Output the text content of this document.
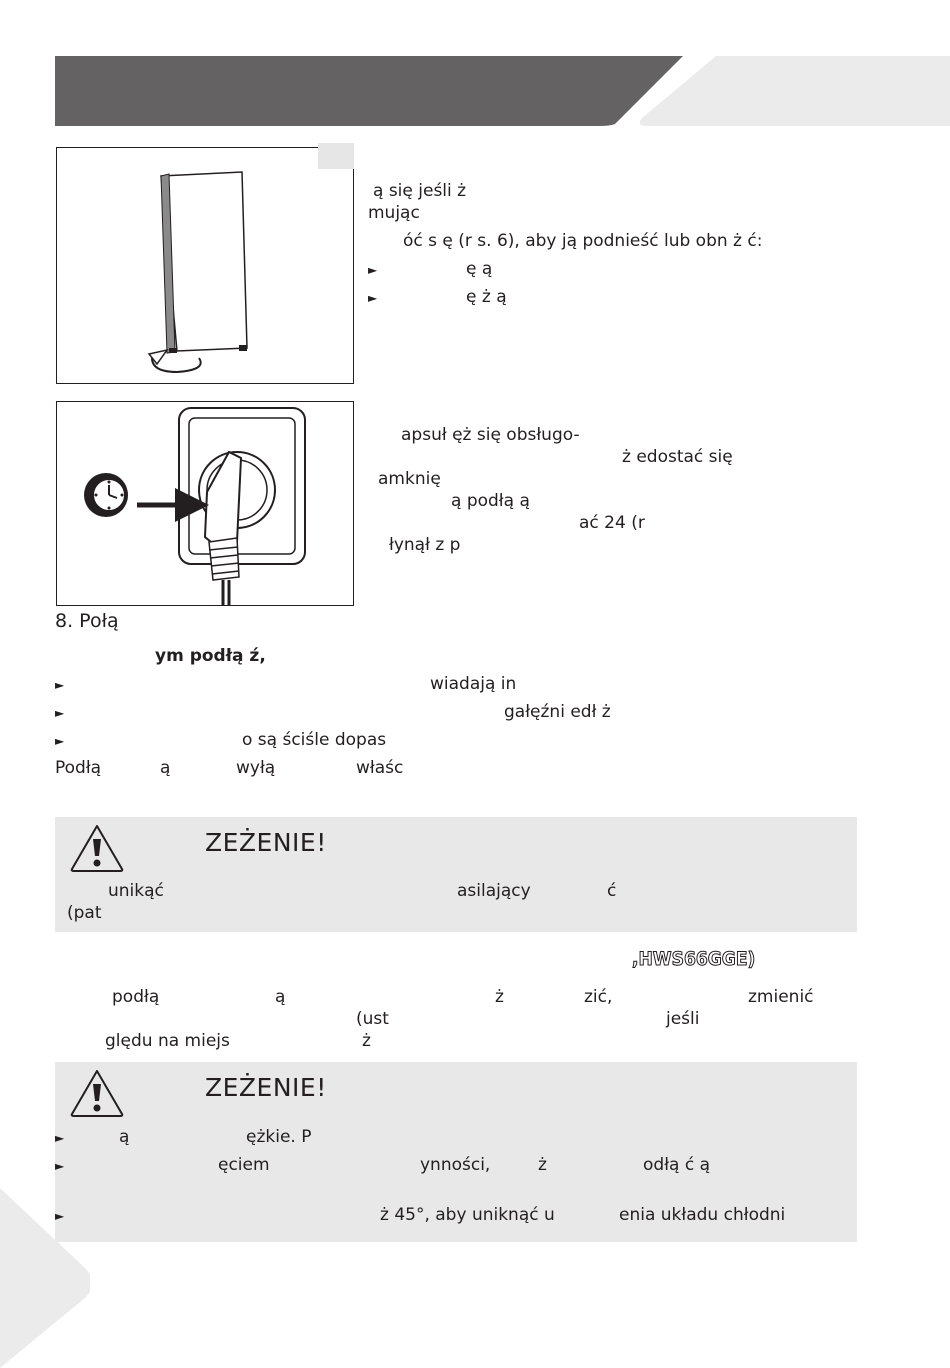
ą się jeśli ż
mując
óć s ę (r s. 6), aby ją podnieść lub obn ż ć:
►	ę ą
►	ę ż ą
apsuł ęż się obsługo-
ż edostać się
amknię
ą podłą ą
ać 24 (r
łynął z p
8. Połą
ym podłą ź,
►	wiadają in
►	gałęźni edł ż
►	o są ściśle dopas
Podłą	ą	wyłą	właśc
ZEŻENIE!
unikąć	asilający	ć
(pat
,HWS66GGE)
podłą	ą	ż	zić,	zmienić
(ust	jeśli
ględu na miejs	ż
ZEŻENIE!
►	ą	ężkie. P
►	ęciem	ynności,	ż	odłą ć ą
►	ż 45°, aby uniknąć u	enia układu chłodni
